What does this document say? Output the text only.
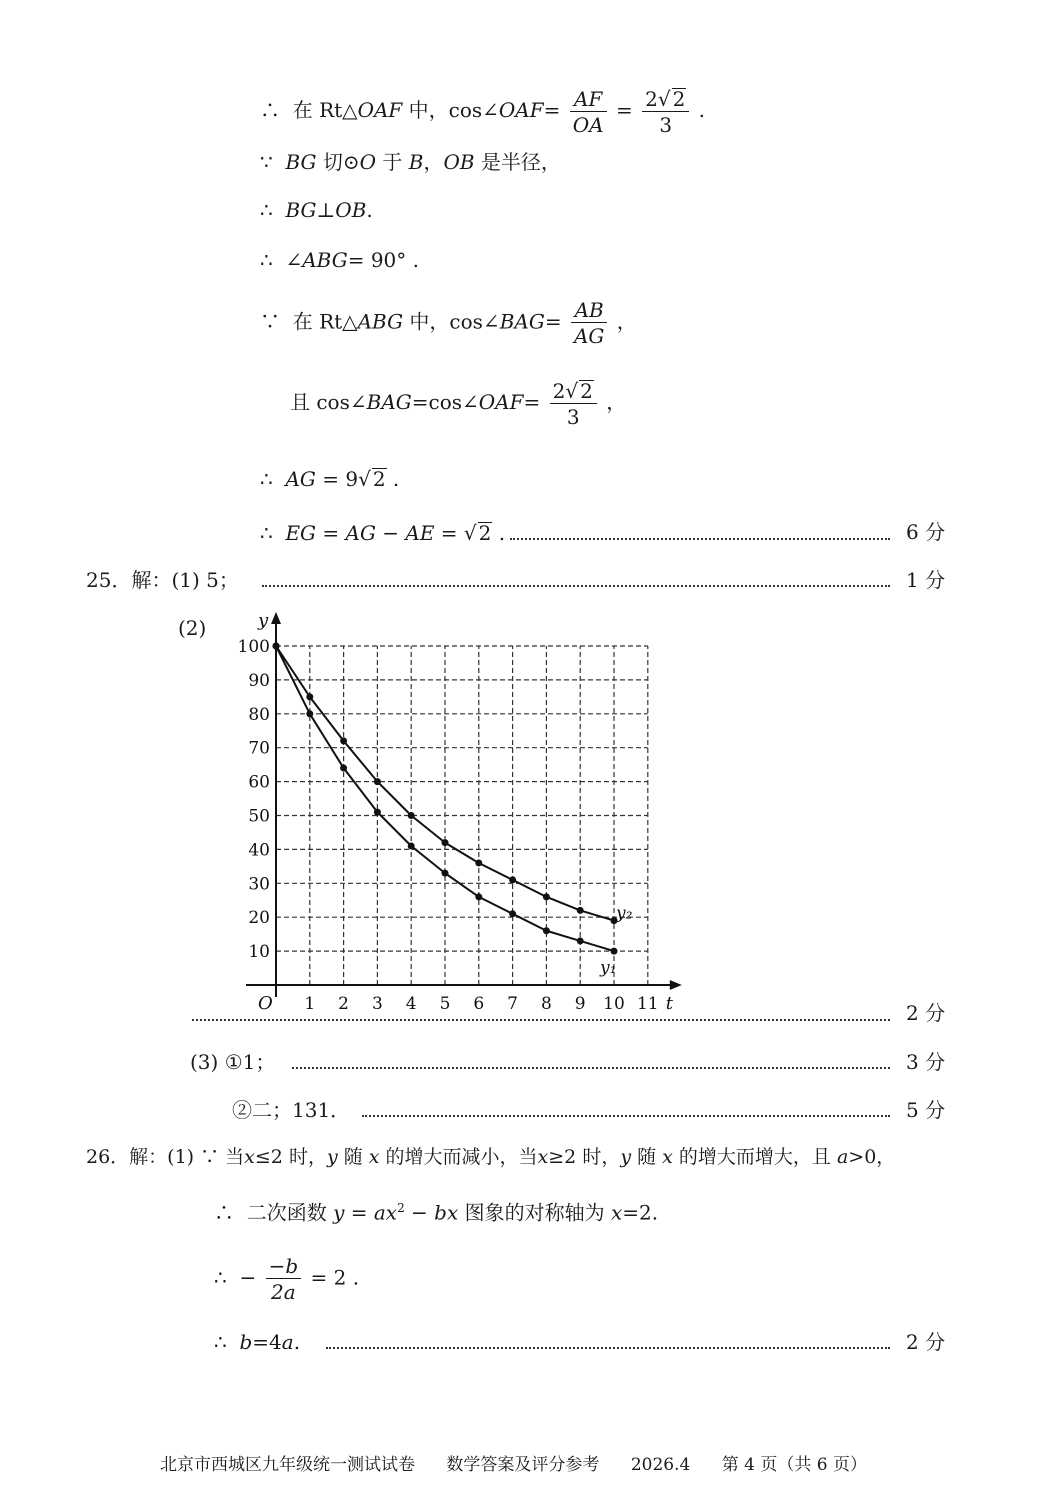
∴ 在 Rt△OAF 中，cos∠OAF= $\frac{AF}{OA} = \frac{2√ 2}{3}$ .
∵ BG 切⊙O 于 B，OB 是半径，
∴ BG⊥OB.
∴ ∠ABG= 90° .
∵ 在 Rt△ABG 中，cos∠BAG= $\frac{AB}{AG}$ ，
且 cos∠BAG=cos∠OAF= $\frac{2√ 2}{3}$ ，
∴ AG = 9√ 2 .
∴ EG = AG − AE = √ 2 .	6 分
25．解：(1) 5；	1 分
(2)
1 2 3 4 5 6 7 8 9 10 11
10
20
30
40
50
60
70
80
90
100
O	t
y
y₂
y₁
2 分
(3) ①1；	3 分
②二；131．	5 分
26．解：(1) ∵ 当x≤2 时，y 随 x 的增大而减小，当x≥2 时，y 随 x 的增大而增大，且 a>0，
∴ 二次函数 $y = ax^2$ − bx 图象的对称轴为 x=2.
∴ − $\frac{-b}{2a} = 2$ .
∴ b=4a.	2 分
北京市西城区九年级统一测试试卷 数学答案及评分参考 2026.4 第 4 页（共 6 页）
